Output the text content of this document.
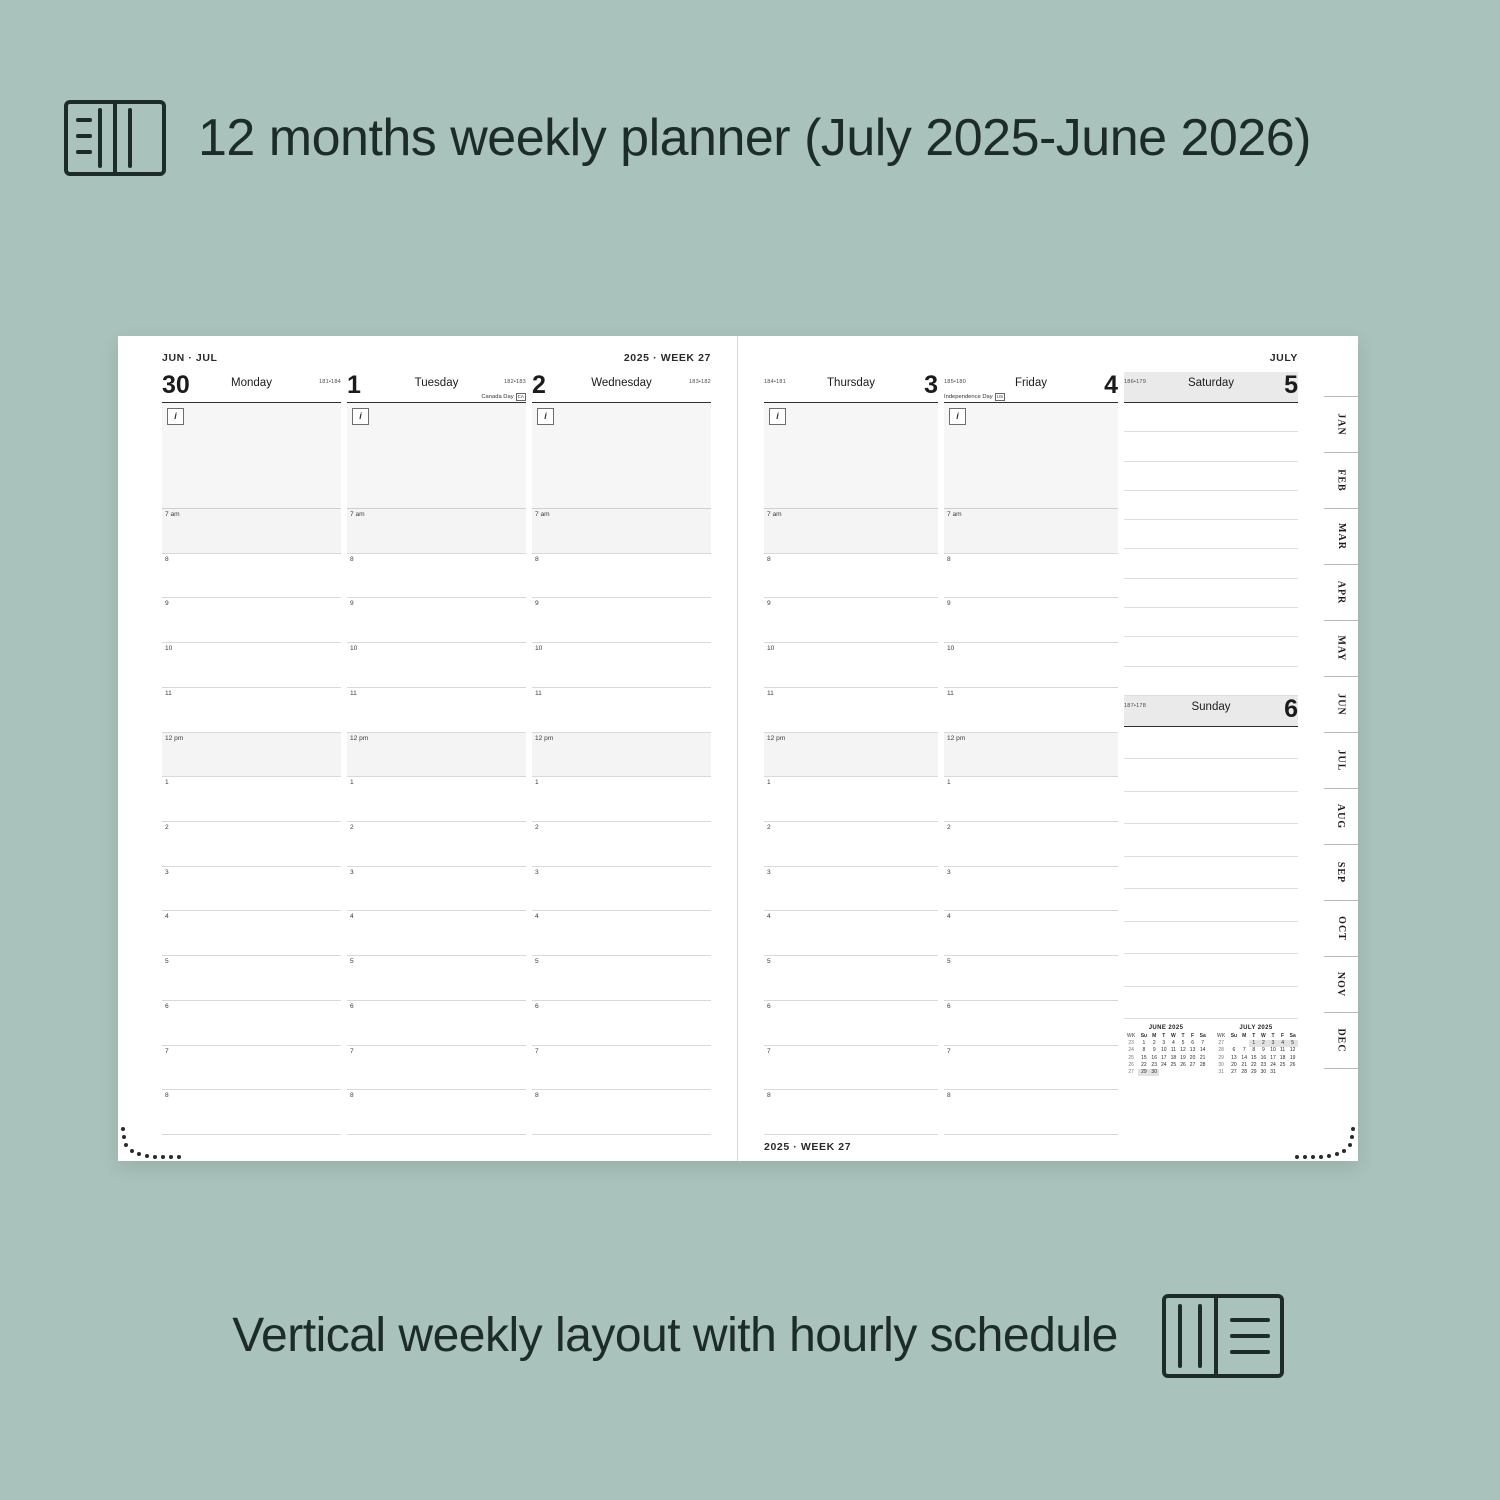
12 months weekly planner (July 2025-June 2026)
JUN · JUL	2025 · WEEK 27
30	Monday	181•184
i
7 am
8
9
10
11
12 pm
1
2
3
4
5
6
7
8
1	Tuesday	182•183
Canada Day CA
i
7 am
8
9
10
11
12 pm
1
2
3
4
5
6
7
8
2	Wednesday	183•182
i
7 am
8
9
10
11
12 pm
1
2
3
4
5
6
7
8
JULY
3
Thursday
184•181
i
7 am
8
9
10
11
12 pm
1
2
3
4
5
6
7
8
4
Friday
185•180
Independence Day US
i
7 am
8
9
10
11
12 pm
1
2
3
4
5
6
7
8
5
Saturday
186•179
6
Sunday
187•178
JUNE 2025
WK	Su	M	T	W	T	F	Sa
23	1	2	3	4	5	6	7
24	8	9	10	11	12	13	14
25	15	16	17	18	19	20	21
26	22	23	24	25	26	27	28
27	29	30					
JULY 2025
WK	Su	M	T	W	T	F	Sa
27			1	2	3	4	5
28	6	7	8	9	10	11	12
29	13	14	15	16	17	18	19
30	20	21	22	23	24	25	26
31	27	28	29	30	31		
JAN
FEB
MAR
APR
MAY
JUN
JUL
AUG
SEP
OCT
NOV
DEC
2025 · WEEK 27
Vertical weekly layout with hourly schedule
